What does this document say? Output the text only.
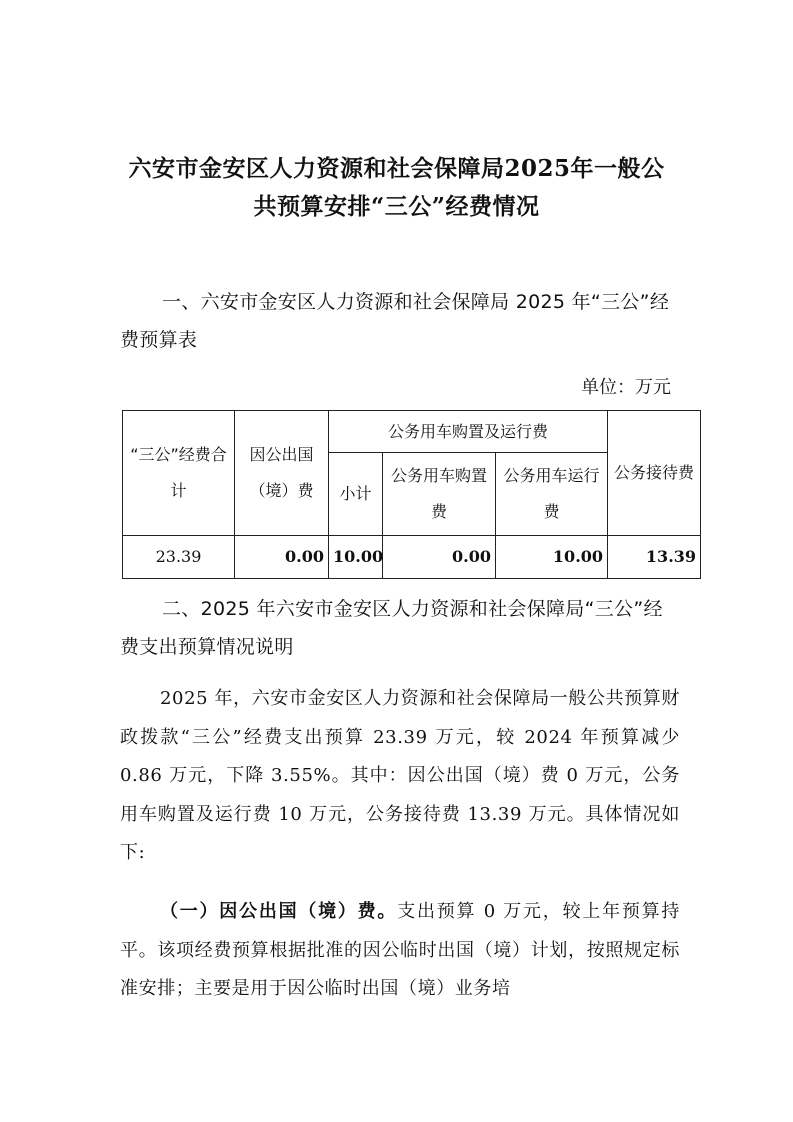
六安市金安区人力资源和社会保障局2025年一般公
共预算安排“三公”经费情况
一、六安市金安区人力资源和社会保障局 2025 年“三公”经费预算表
单位：万元
“三公”经费合计	因公出国（境）费	公务用车购置及运行费			公务接待费
		小计	公务用车购置费	公务用车运行费	
23.39	0.00	10.00	0.00	10.00	13.39
二、2025 年六安市金安区人力资源和社会保障局“三公”经费支出预算情况说明
2025 年，六安市金安区人力资源和社会保障局一般公共预算财政拨款“三公”经费支出预算 23.39 万元，较 2024 年预算减少 0.86 万元，下降 3.55%。其中：因公出国（境）费 0 万元，公务用车购置及运行费 10 万元，公务接待费 13.39 万元。具体情况如下:
（一）因公出国（境）费。支出预算 0 万元，较上年预算持平。该项经费预算根据批准的因公临时出国（境）计划，按照规定标准安排；主要是用于因公临时出国（境）业务培
